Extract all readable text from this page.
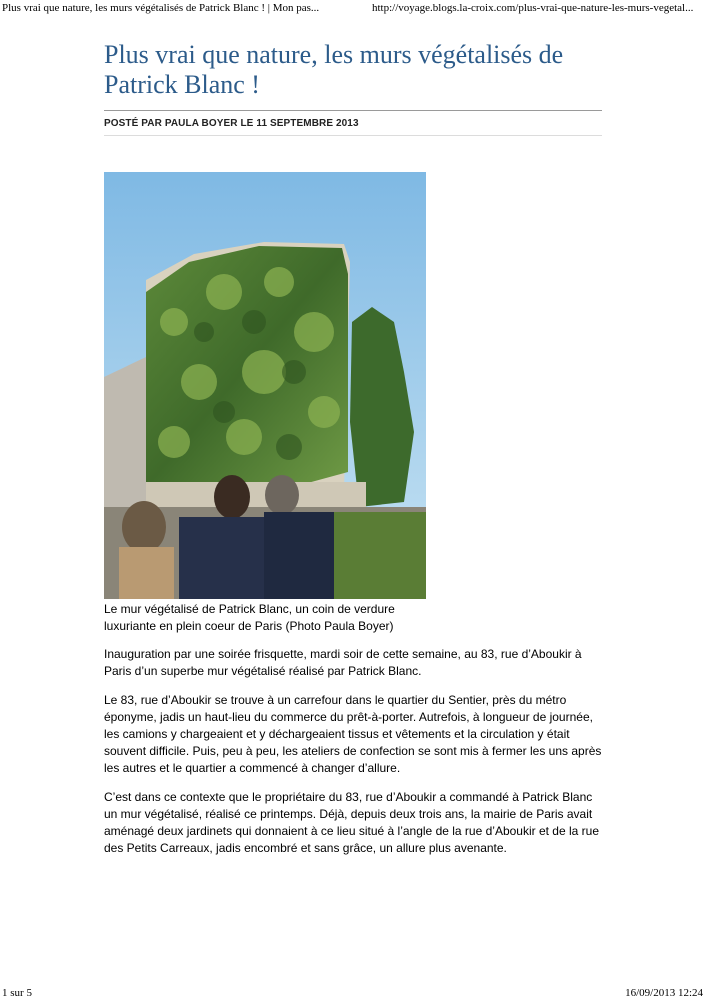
Plus vrai que nature, les murs végétalisés de Patrick Blanc ! | Mon pas...	http://voyage.blogs.la-croix.com/plus-vrai-que-nature-les-murs-vegetal...
Plus vrai que nature, les murs végétalisés de Patrick Blanc !
POSTÉ PAR PAULA BOYER LE 11 SEPTEMBRE 2013
Le mur végétalisé de Patrick Blanc, un coin de verdure
luxuriante en plein coeur de Paris (Photo Paula Boyer)

Inauguration par une soirée frisquette, mardi soir de cette semaine, au 83, rue d’Aboukir à Paris d’un superbe mur végétalisé réalisé par Patrick Blanc.

Le 83, rue d’Aboukir se trouve à un carrefour dans le quartier du Sentier, près du métro éponyme, jadis un haut-lieu du commerce du prêt-à-porter. Autrefois, à longueur de journée, les camions y chargeaient et y déchargeaient tissus et vêtements et la circulation y était souvent difficile. Puis, peu à peu, les ateliers de confection se sont mis à fermer les uns après les autres et le quartier a commencé à changer d’allure.

C’est dans ce contexte que le propriétaire du 83, rue d’Aboukir a commandé à Patrick Blanc un mur végétalisé, réalisé ce printemps. Déjà, depuis deux trois ans, la mairie de Paris avait aménagé deux jardinets qui donnaient à ce lieu situé à l’angle de la rue d’Aboukir et de la rue des Petits Carreaux, jadis encombré et sans grâce, un allure plus avenante.

1 sur 5	16/09/2013 12:24
